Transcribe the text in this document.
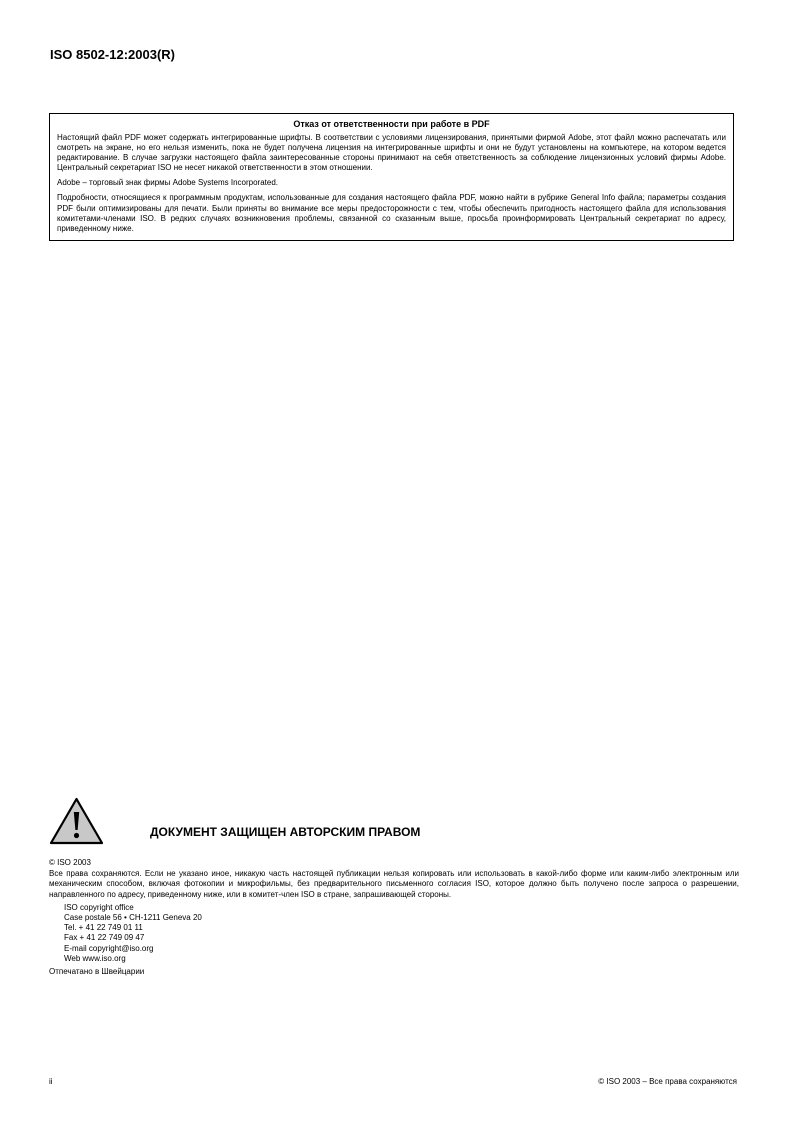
ISO 8502-12:2003(R)
Отказ от ответственности при работе в PDF

Настоящий файл PDF может содержать интегрированные шрифты. В соответствии с условиями лицензирования, принятыми фирмой Adobe, этот файл можно распечатать или смотреть на экране, но его нельзя изменить, пока не будет получена лицензия на интегрированные шрифты и они не будут установлены на компьютере, на котором ведется редактирование. В случае загрузки настоящего файла заинтересованные стороны принимают на себя ответственность за соблюдение лицензионных условий фирмы Adobe. Центральный секретариат ISO не несет никакой ответственности в этом отношении.

Adobe – торговый знак фирмы Adobe Systems Incorporated.

Подробности, относящиеся к программным продуктам, использованные для создания настоящего файла PDF, можно найти в рубрике General Info файла; параметры создания PDF были оптимизированы для печати. Были приняты во внимание все меры предосторожности с тем, чтобы обеспечить пригодность настоящего файла для использования комитетами-членами ISO. В редких случаях возникновения проблемы, связанной со сказанным выше, просьба проинформировать Центральный секретариат по адресу, приведенному ниже.

ДОКУМЕНТ ЗАЩИЩЕН АВТОРСКИМ ПРАВОМ

© ISO 2003

Все права сохраняются. Если не указано иное, никакую часть настоящей публикации нельзя копировать или использовать в какой-либо форме или каким-либо электронным или механическим способом, включая фотокопии и микрофильмы, без предварительного письменного согласия ISO, которое должно быть получено после запроса о разрешении, направленного по адресу, приведенному ниже, или в комитет-член ISO в стране, запрашивающей стороны.

ISO copyright office
Case postale 56 • CH-1211 Geneva 20
Tel. + 41 22 749 01 11
Fax + 41 22 749 09 47
E-mail copyright@iso.org
Web www.iso.org

Отпечатано в Швейцарии

ii	© ISO 2003 – Все права сохраняются
